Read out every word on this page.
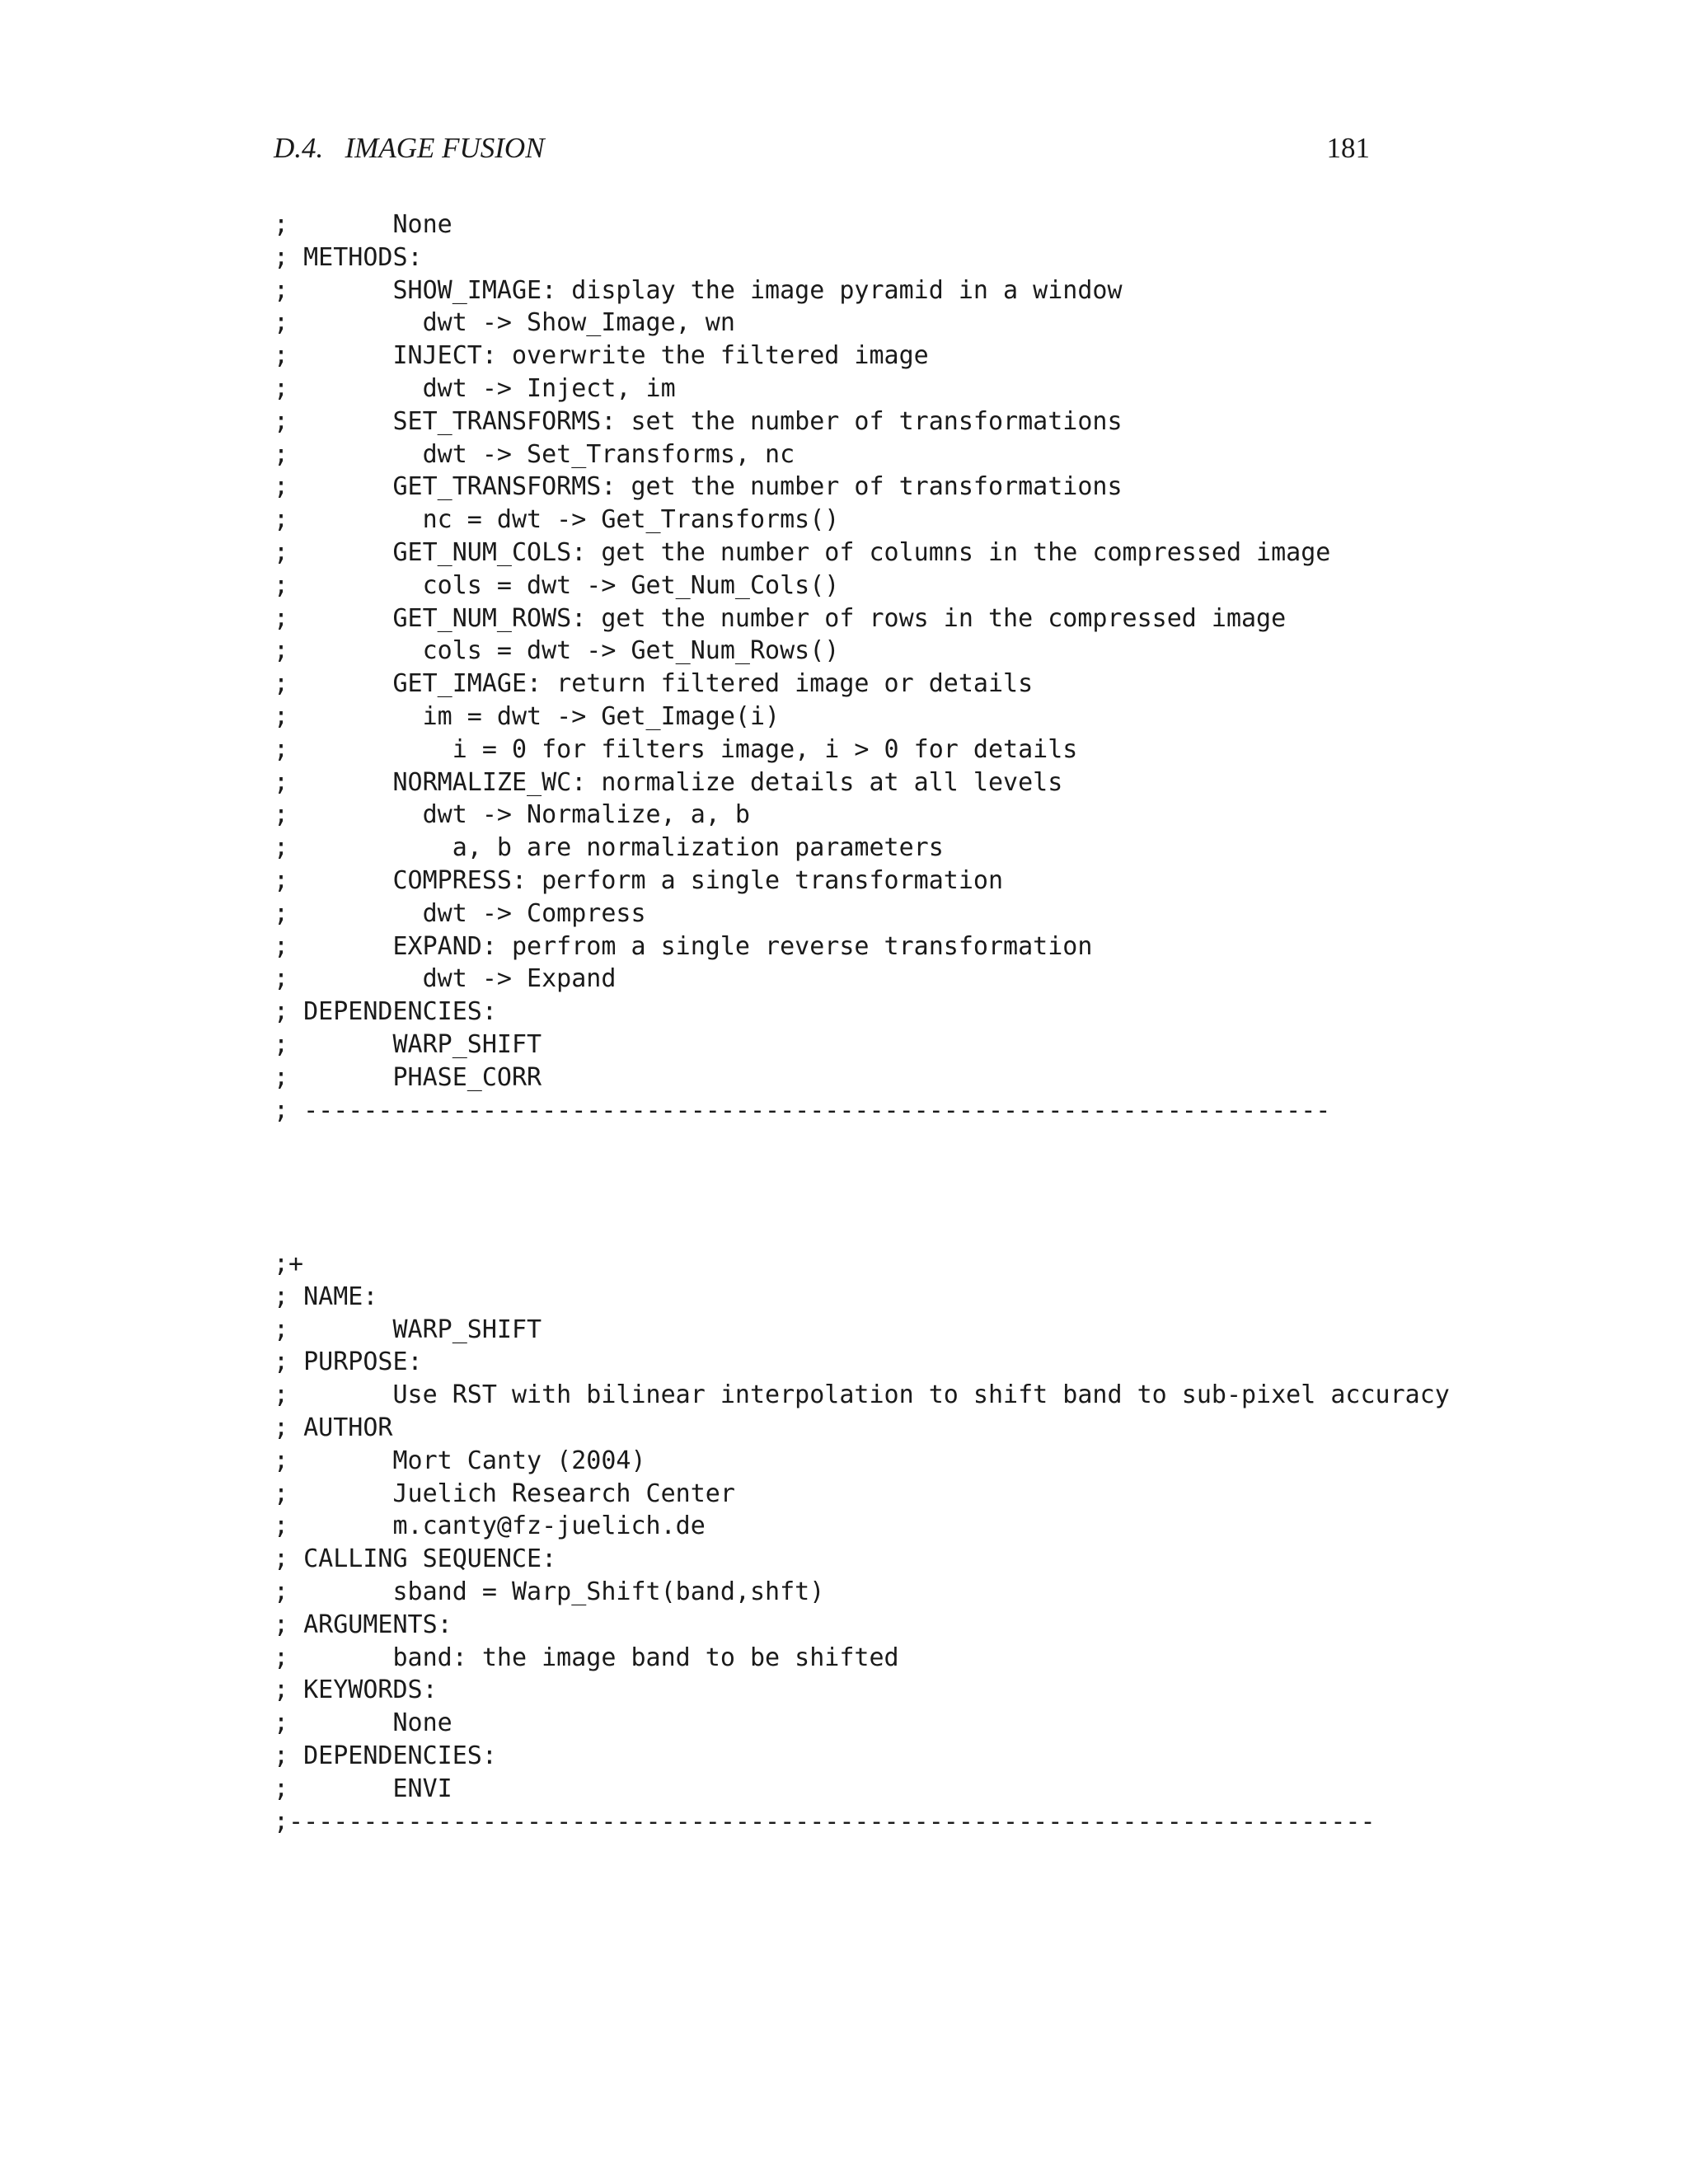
D.4.   IMAGE FUSION	181
;       None
; METHODS:
;       SHOW_IMAGE: display the image pyramid in a window
;         dwt -> Show_Image, wn
;       INJECT: overwrite the filtered image
;         dwt -> Inject, im
;       SET_TRANSFORMS: set the number of transformations
;         dwt -> Set_Transforms, nc
;       GET_TRANSFORMS: get the number of transformations
;         nc = dwt -> Get_Transforms()
;       GET_NUM_COLS: get the number of columns in the compressed image
;         cols = dwt -> Get_Num_Cols()
;       GET_NUM_ROWS: get the number of rows in the compressed image
;         cols = dwt -> Get_Num_Rows()
;       GET_IMAGE: return filtered image or details
;         im = dwt -> Get_Image(i)
;           i = 0 for filters image, i > 0 for details
;       NORMALIZE_WC: normalize details at all levels
;         dwt -> Normalize, a, b
;           a, b are normalization parameters
;       COMPRESS: perform a single transformation
;         dwt -> Compress
;       EXPAND: perfrom a single reverse transformation
;         dwt -> Expand
; DEPENDENCIES:
;       WARP_SHIFT
;       PHASE_CORR
; ---------------------------------------------------------------------
;+
; NAME:
;       WARP_SHIFT
; PURPOSE:
;       Use RST with bilinear interpolation to shift band to sub-pixel accuracy
; AUTHOR
;       Mort Canty (2004)
;       Juelich Research Center
;       m.canty@fz-juelich.de
; CALLING SEQUENCE:
;       sband = Warp_Shift(band,shft)
; ARGUMENTS:
;       band: the image band to be shifted
; KEYWORDS:
;       None
; DEPENDENCIES:
;       ENVI
;-------------------------------------------------------------------------
